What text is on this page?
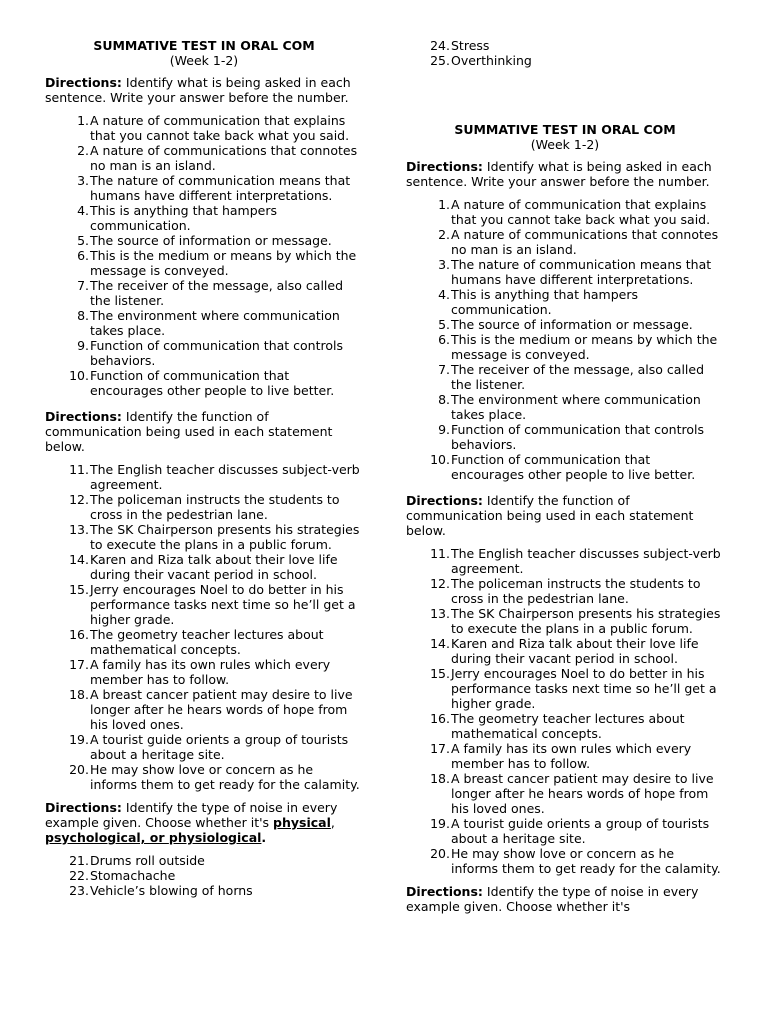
SUMMATIVE TEST IN ORAL COM
(Week 1-2)

Directions: Identify what is being asked in each sentence. Write your answer before the number.

1. A nature of communication that explains that you cannot take back what you said.
2. A nature of communications that connotes no man is an island.
3. The nature of communication means that humans have different interpretations.
4. This is anything that hampers communication.
5. The source of information or message.
6. This is the medium or means by which the message is conveyed.
7. The receiver of the message, also called the listener.
8. The environment where communication takes place.
9. Function of communication that controls behaviors.
10. Function of communication that encourages other people to live better.

Directions: Identify the function of communication being used in each statement below.

11. The English teacher discusses subject-verb agreement.
12. The policeman instructs the students to cross in the pedestrian lane.
13. The SK Chairperson presents his strategies to execute the plans in a public forum.
14. Karen and Riza talk about their love life during their vacant period in school.
15. Jerry encourages Noel to do better in his performance tasks next time so he’ll get a higher grade.
16. The geometry teacher lectures about mathematical concepts.
17. A family has its own rules which every member has to follow.
18. A breast cancer patient may desire to live longer after he hears words of hope from his loved ones.
19. A tourist guide orients a group of tourists about a heritage site.
20. He may show love or concern as he informs them to get ready for the calamity.

Directions: Identify the type of noise in every example given. Choose whether it's physical, psychological, or physiological.

21. Drums roll outside
22. Stomachache
23. Vehicle’s blowing of horns
24. Stress
25. Overthinking
SUMMATIVE TEST IN ORAL COM
(Week 1-2)

Directions: Identify what is being asked in each sentence. Write your answer before the number.

1. A nature of communication that explains that you cannot take back what you said.
2. A nature of communications that connotes no man is an island.
3. The nature of communication means that humans have different interpretations.
4. This is anything that hampers communication.
5. The source of information or message.
6. This is the medium or means by which the message is conveyed.
7. The receiver of the message, also called the listener.
8. The environment where communication takes place.
9. Function of communication that controls behaviors.
10. Function of communication that encourages other people to live better.

Directions: Identify the function of communication being used in each statement below.

11. The English teacher discusses subject-verb agreement.
12. The policeman instructs the students to cross in the pedestrian lane.
13. The SK Chairperson presents his strategies to execute the plans in a public forum.
14. Karen and Riza talk about their love life during their vacant period in school.
15. Jerry encourages Noel to do better in his performance tasks next time so he’ll get a higher grade.
16. The geometry teacher lectures about mathematical concepts.
17. A family has its own rules which every member has to follow.
18. A breast cancer patient may desire to live longer after he hears words of hope from his loved ones.
19. A tourist guide orients a group of tourists about a heritage site.
20. He may show love or concern as he informs them to get ready for the calamity.

Directions: Identify the type of noise in every example given. Choose whether it's
